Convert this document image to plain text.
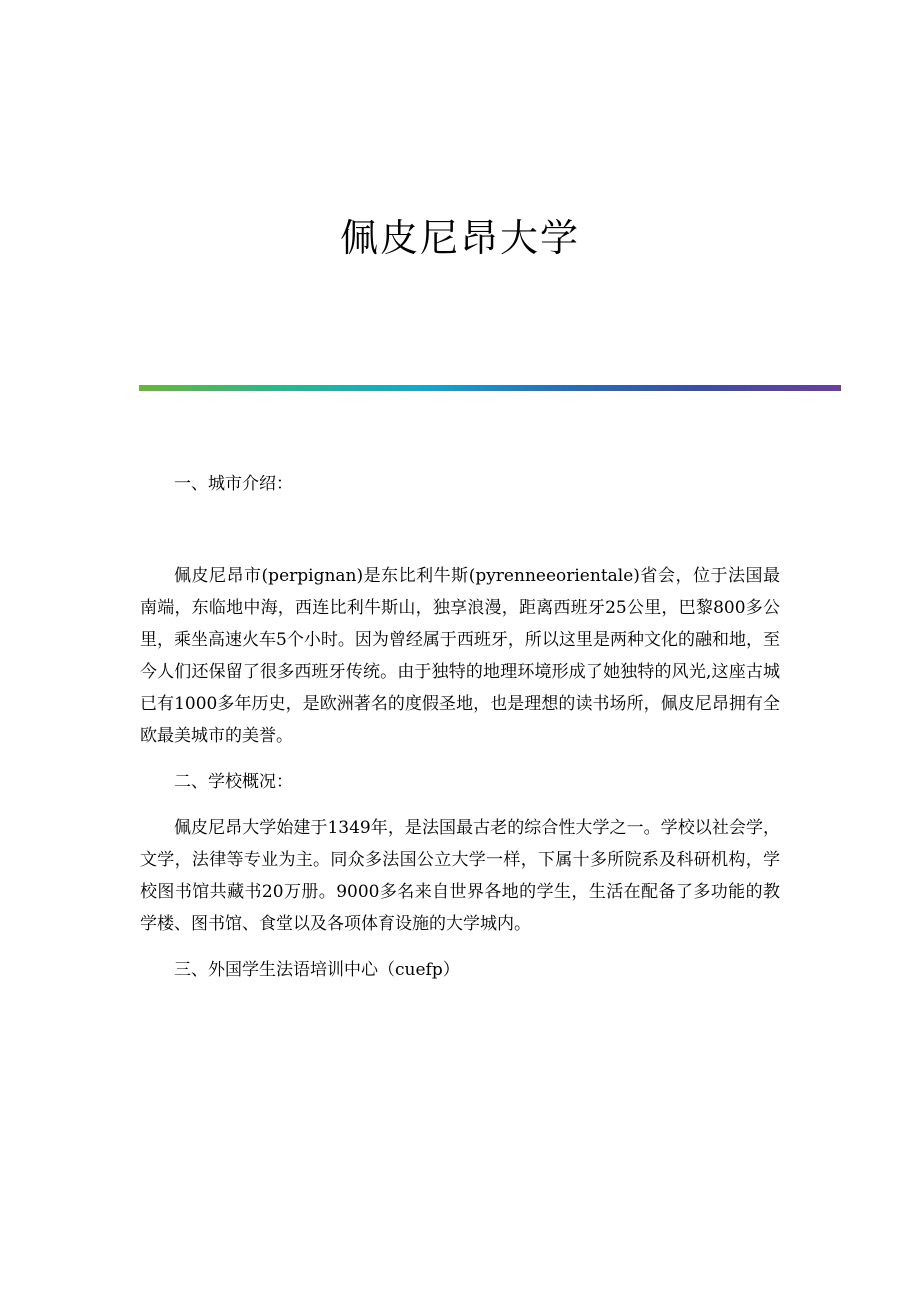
佩皮尼昂大学

一、城市介绍：

佩皮尼昂市(perpignan)是东比利牛斯(pyrenneeorientale)省会，位于法国最南端，东临地中海，西连比利牛斯山，独享浪漫，距离西班牙25公里，巴黎800多公里，乘坐高速火车5个小时。因为曾经属于西班牙，所以这里是两种文化的融和地，至今人们还保留了很多西班牙传统。由于独特的地理环境形成了她独特的风光,这座古城已有1000多年历史，是欧洲著名的度假圣地，也是理想的读书场所，佩皮尼昂拥有全欧最美城市的美誉。

二、学校概况：

佩皮尼昂大学始建于1349年，是法国最古老的综合性大学之一。学校以社会学，文学，法律等专业为主。同众多法国公立大学一样，下属十多所院系及科研机构，学校图书馆共藏书20万册。9000多名来自世界各地的学生，生活在配备了多功能的教学楼、图书馆、食堂以及各项体育设施的大学城内。

三、外国学生法语培训中心（cuefp）
